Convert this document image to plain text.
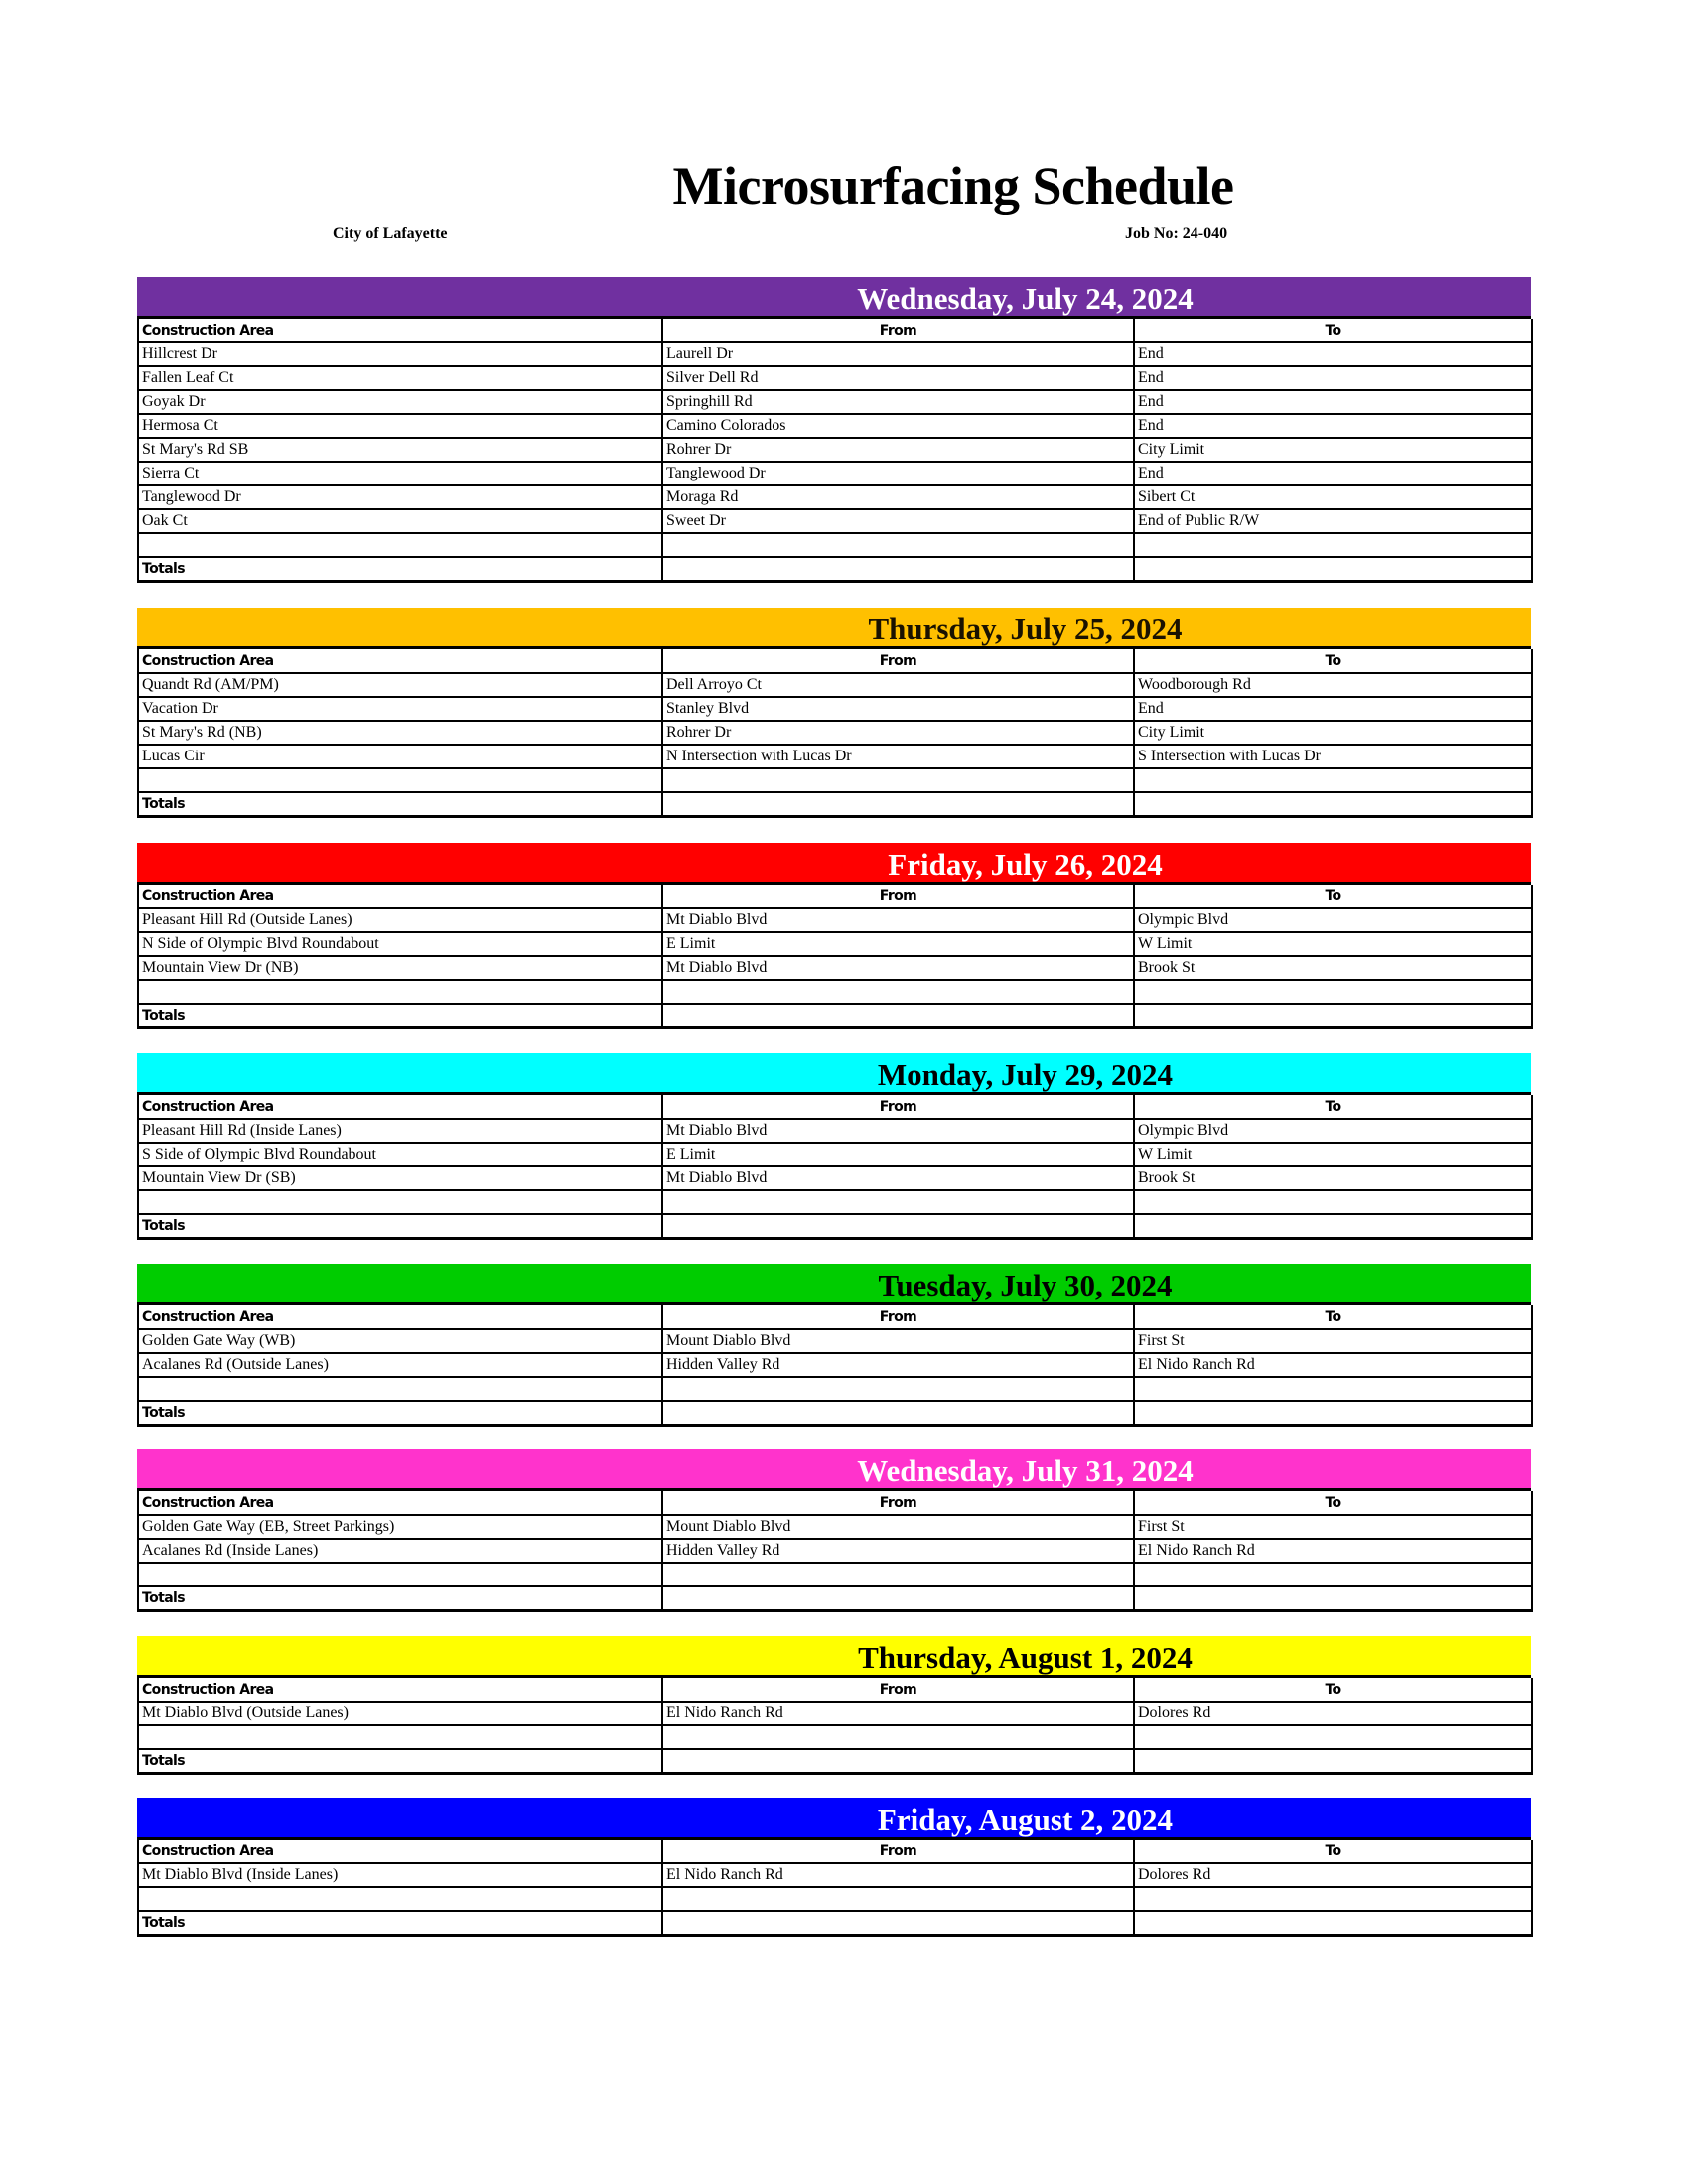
Microsurfacing Schedule
City of Lafayette	Job No: 24-040
Wednesday, July 24, 2024
Construction Area	From	To
Hillcrest Dr	Laurell Dr	End
Fallen Leaf Ct	Silver Dell Rd	End
Goyak Dr	Springhill Rd	End
Hermosa Ct	Camino Colorados	End
St Mary's Rd SB	Rohrer Dr	City Limit
Sierra Ct	Tanglewood Dr	End
Tanglewood Dr	Moraga Rd	Sibert Ct
Oak Ct	Sweet Dr	End of Public R/W

Totals		
Thursday, July 25, 2024
Construction Area	From	To
Quandt Rd (AM/PM)	Dell Arroyo Ct	Woodborough Rd
Vacation Dr	Stanley Blvd	End
St Mary's Rd (NB)	Rohrer Dr	City Limit
Lucas Cir	N Intersection with Lucas Dr	S Intersection with Lucas Dr

Totals		
Friday, July 26, 2024
Construction Area	From	To
Pleasant Hill Rd (Outside Lanes)	Mt Diablo Blvd	Olympic Blvd
N Side of Olympic Blvd Roundabout	E Limit	W Limit
Mountain View Dr (NB)	Mt Diablo Blvd	Brook St

Totals		
Monday, July 29, 2024
Construction Area	From	To
Pleasant Hill Rd (Inside Lanes)	Mt Diablo Blvd	Olympic Blvd
S Side of Olympic Blvd Roundabout	E Limit	W Limit
Mountain View Dr (SB)	Mt Diablo Blvd	Brook St

Totals		
Tuesday, July 30, 2024
Construction Area	From	To
Golden Gate Way (WB)	Mount Diablo Blvd	First St
Acalanes Rd (Outside Lanes)	Hidden Valley Rd	El Nido Ranch Rd

Totals		
Wednesday, July 31, 2024
Construction Area	From	To
Golden Gate Way (EB, Street Parkings)	Mount Diablo Blvd	First St
Acalanes Rd (Inside Lanes)	Hidden Valley Rd	El Nido Ranch Rd

Totals		
Thursday, August 1, 2024
Construction Area	From	To
Mt Diablo Blvd (Outside Lanes)	El Nido Ranch Rd	Dolores Rd

Totals		
Friday, August 2, 2024
Construction Area	From	To
Mt Diablo Blvd (Inside Lanes)	El Nido Ranch Rd	Dolores Rd

Totals		
